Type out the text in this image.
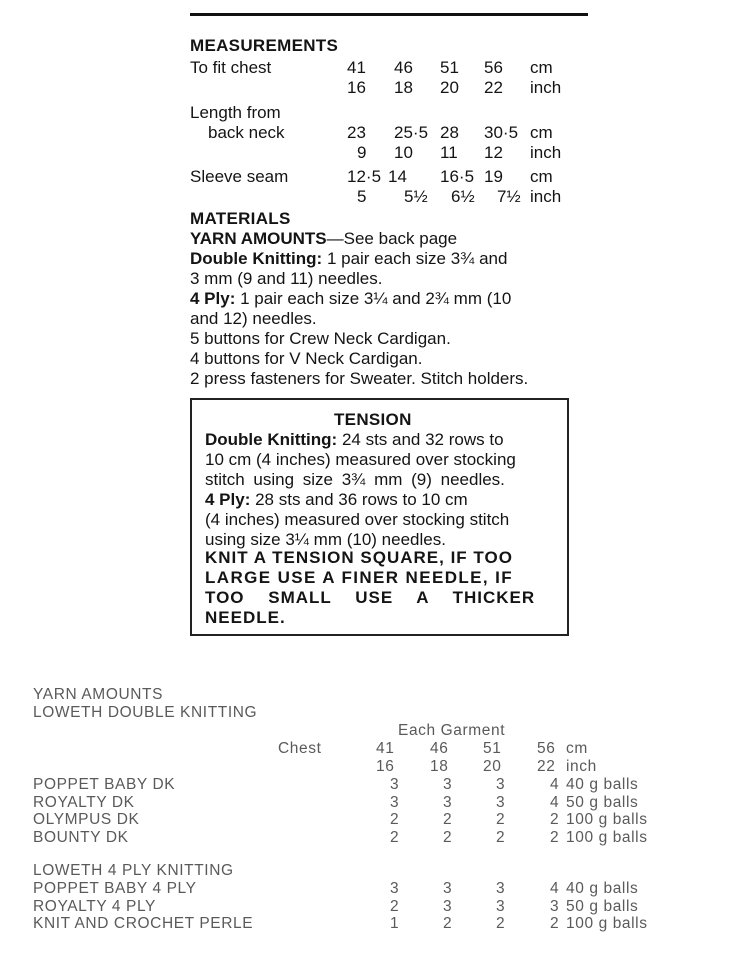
MEASUREMENTS
To fit chest	41 46 51 56 cm
16 18 20 22 inch
Length from
back neck	23 25·5 28 30·5 cm
9 10 11 12 inch
Sleeve seam	12·5 14 16·5 19 cm
5 5½ 6½ 7½ inch
MATERIALS
YARN AMOUNTS—See back page
Double Knitting: 1 pair each size 3¾ and
3 mm (9 and 11) needles.
4 Ply: 1 pair each size 3¼ and 2¾ mm (10
and 12) needles.
5 buttons for Crew Neck Cardigan.
4 buttons for V Neck Cardigan.
2 press fasteners for Sweater. Stitch holders.
TENSION
Double Knitting: 24 sts and 32 rows to
10 cm (4 inches) measured over stocking
stitch using size 3¾ mm (9) needles.
4 Ply: 28 sts and 36 rows to 10 cm
(4 inches) measured over stocking stitch
using size 3¼ mm (10) needles.
KNIT A TENSION SQUARE, IF TOO
LARGE USE A FINER NEEDLE, IF
TOO SMALL USE A THICKER
NEEDLE.
YARN AMOUNTS
LOWETH DOUBLE KNITTING
Each Garment
Chest	41 46 51 56 cm
16 18 20 22 inch
POPPET BABY DK	3	3	3	4 40 g balls
ROYALTY DK	3	3	3	4 50 g balls
OLYMPUS DK	2	2	2	2 100 g balls
BOUNTY DK	2	2	2	2 100 g balls
LOWETH 4 PLY KNITTING
POPPET BABY 4 PLY	3	3	3	4 40 g balls
ROYALTY 4 PLY	2	3	3	3 50 g balls
KNIT AND CROCHET PERLE	1	2	2	2 100 g balls
